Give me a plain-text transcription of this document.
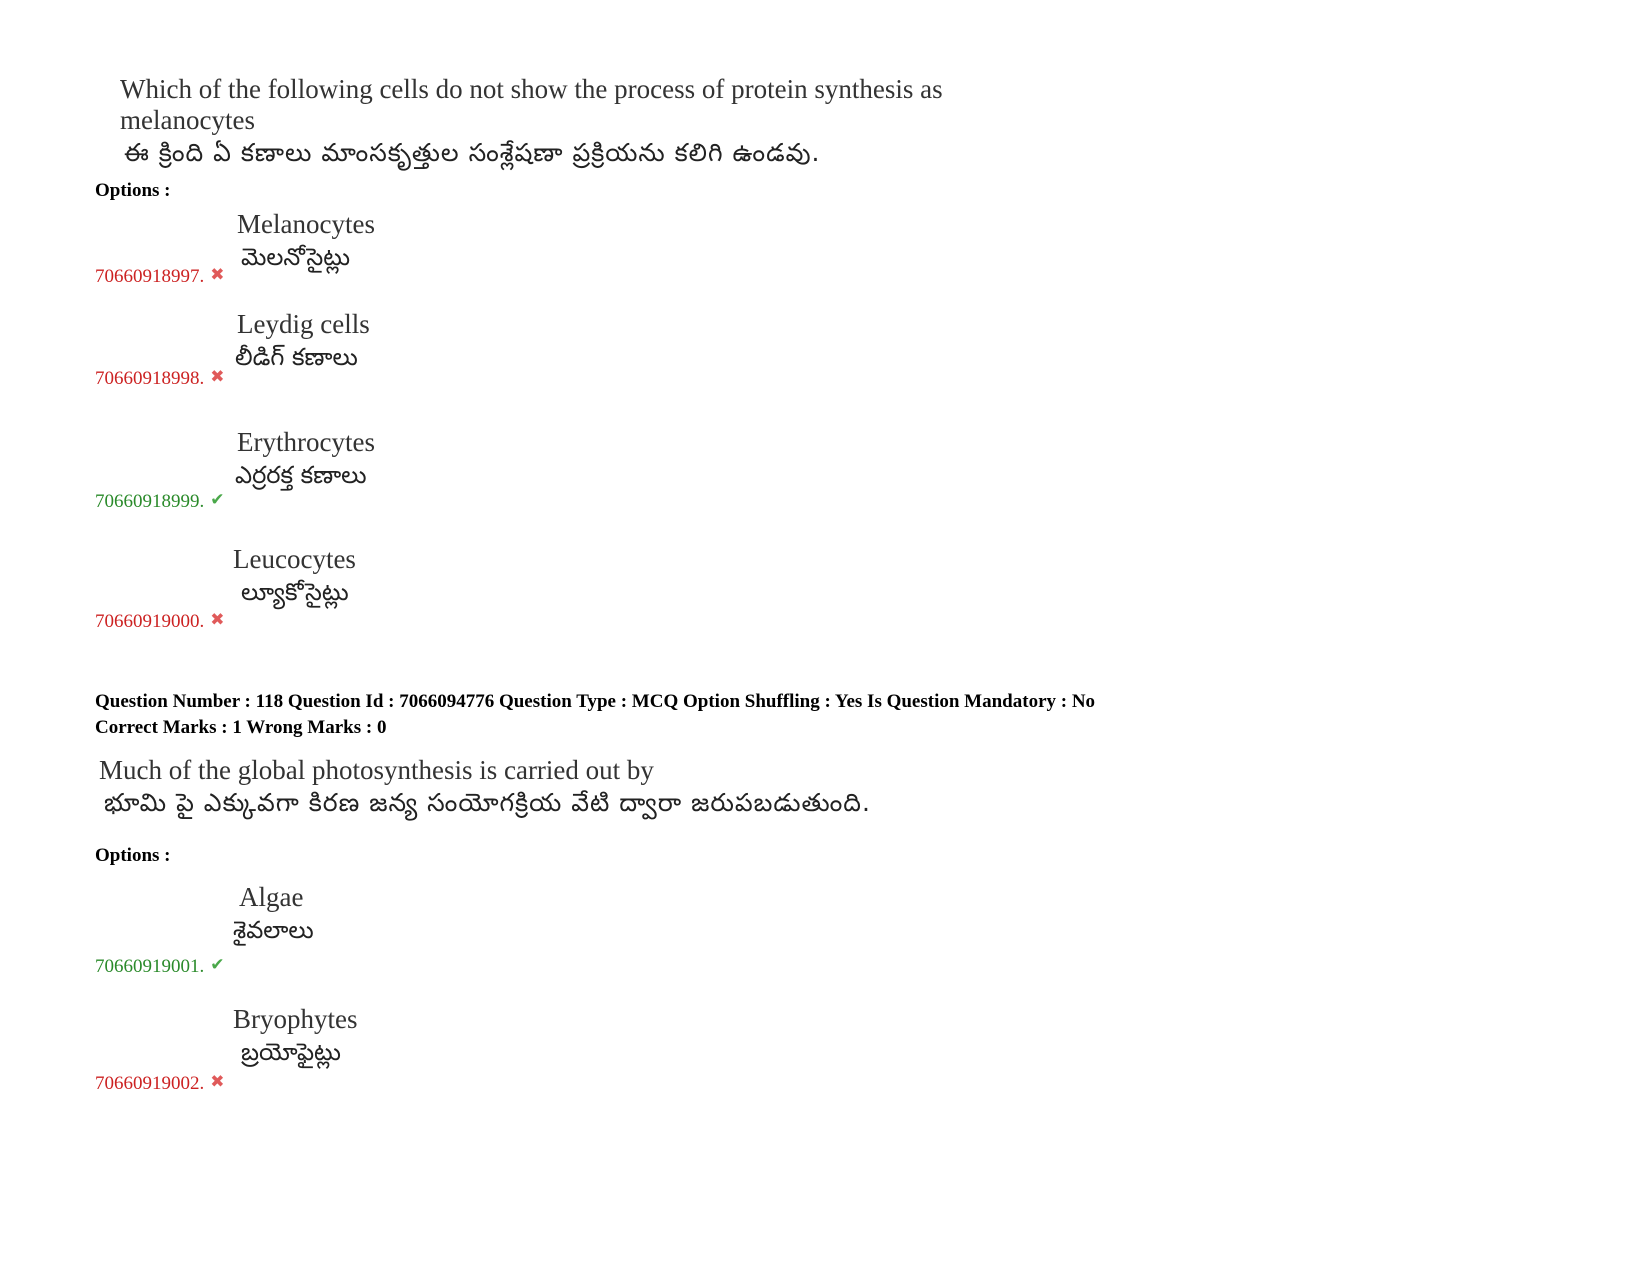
Which of the following cells do not show the process of protein synthesis as
melanocytes
ఈ క్రింది ఏ కణాలు మాంసకృత్తుల సంశ్లేషణా ప్రక్రియను కలిగి ఉండవు.
Options :
Melanocytes
మెలనోసైట్లు
70660918997. ✖
Leydig cells
లీడిగ్ కణాలు
70660918998. ✖
Erythrocytes
ఎర్రరక్త కణాలు
70660918999. ✔
Leucocytes
ల్యూకోసైట్లు
70660919000. ✖
Question Number : 118 Question Id : 7066094776 Question Type : MCQ Option Shuffling : Yes Is Question Mandatory : No
Correct Marks : 1 Wrong Marks : 0
Much of the global photosynthesis is carried out by
భూమి పై ఎక్కువగా కిరణ జన్య సంయోగక్రియ వేటి ద్వారా జరుపబడుతుంది.
Options :
Algae
శైవలాలు
70660919001. ✔
Bryophytes
బ్రయోఫైట్లు
70660919002. ✖
